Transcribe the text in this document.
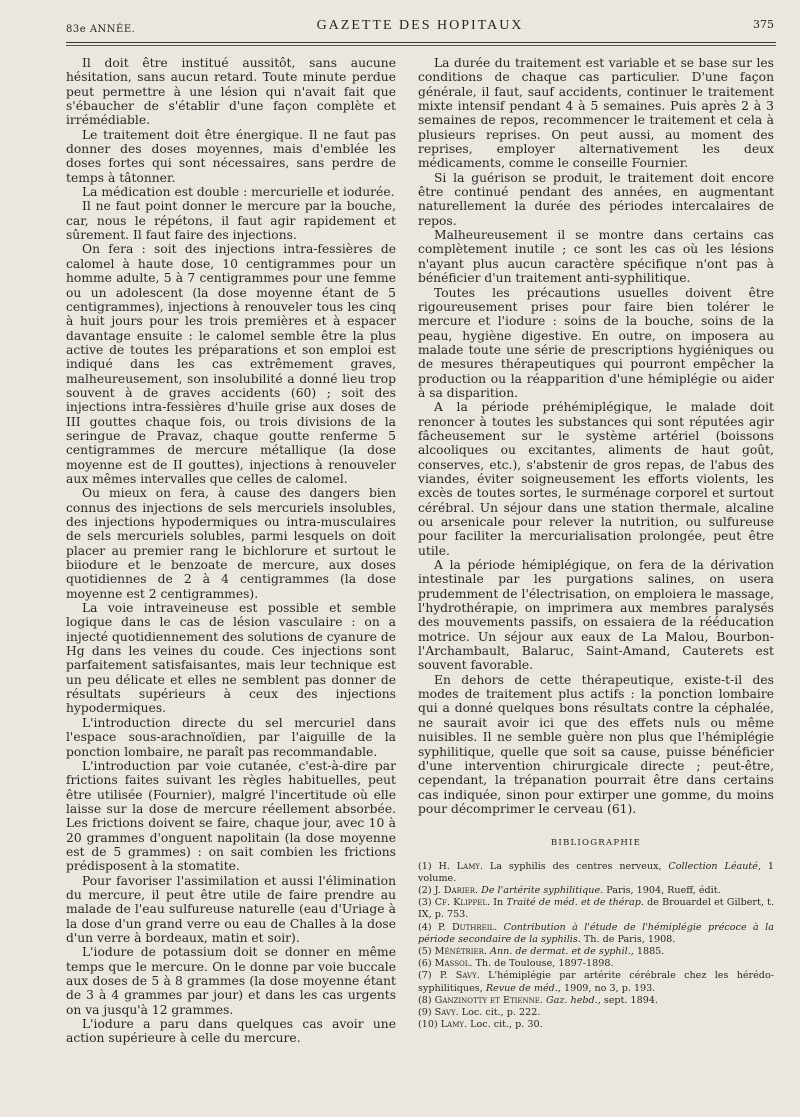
83e ANNÉE.	GAZETTE DES HOPITAUX	375

Il doit être institué aussitôt, sans aucune hésitation, sans aucun retard. Toute minute perdue peut permettre à une lésion qui n'avait fait que s'ébaucher de s'établir d'une façon complète et irrémédiable.

Le traitement doit être énergique. Il ne faut pas donner des doses moyennes, mais d'emblée les doses fortes qui sont nécessaires, sans perdre de temps à tâtonner.

La médication est double : mercurielle et iodurée.

Il ne faut point donner le mercure par la bouche, car, nous le répétons, il faut agir rapidement et sûrement. Il faut faire des injections.

On fera : soit des injections intra-fessières de calomel à haute dose, 10 centigrammes pour un homme adulte, 5 à 7 centigrammes pour une femme ou un adolescent (la dose moyenne étant de 5 centigrammes), injections à renouveler tous les cinq à huit jours pour les trois premières et à espacer davantage ensuite : le calomel semble être la plus active de toutes les préparations et son emploi est indiqué dans les cas extrêmement graves, malheureusement, son insolubilité a donné lieu trop souvent à de graves accidents (60) ; soit des injections intra-fessières d'huile grise aux doses de III gouttes chaque fois, ou trois divisions de la seringue de Pravaz, chaque goutte renferme 5 centigrammes de mercure métallique (la dose moyenne est de II gouttes), injections à renouveler aux mêmes intervalles que celles de calomel.

Ou mieux on fera, à cause des dangers bien connus des injections de sels mercuriels insolubles, des injections hypodermiques ou intra-musculaires de sels mercuriels solubles, parmi lesquels on doit placer au premier rang le bichlorure et surtout le biiodure et le benzoate de mercure, aux doses quotidiennes de 2 à 4 centigrammes (la dose moyenne est 2 centigrammes).

La voie intraveineuse est possible et semble logique dans le cas de lésion vasculaire : on a injecté quotidiennement des solutions de cyanure de Hg dans les veines du coude. Ces injections sont parfaitement satisfaisantes, mais leur technique est un peu délicate et elles ne semblent pas donner de résultats supérieurs à ceux des injections hypodermiques.

L'introduction directe du sel mercuriel dans l'espace sous-arachnoïdien, par l'aiguille de la ponction lombaire, ne paraît pas recommandable.

L'introduction par voie cutanée, c'est-à-dire par frictions faites suivant les règles habituelles, peut être utilisée (Fournier), malgré l'incertitude où elle laisse sur la dose de mercure réellement absorbée. Les frictions doivent se faire, chaque jour, avec 10 à 20 grammes d'onguent napolitain (la dose moyenne est de 5 grammes) : on sait combien les frictions prédisposent à la stomatite.

Pour favoriser l'assimilation et aussi l'élimination du mercure, il peut être utile de faire prendre au malade de l'eau sulfureuse naturelle (eau d'Uriage à la dose d'un grand verre ou eau de Challes à la dose d'un verre à bordeaux, matin et soir).

L'iodure de potassium doit se donner en même temps que le mercure. On le donne par voie buccale aux doses de 5 à 8 grammes (la dose moyenne étant de 3 à 4 grammes par jour) et dans les cas urgents on va jusqu'à 12 grammes.

L'iodure a paru dans quelques cas avoir une action supérieure à celle du mercure.

La durée du traitement est variable et se base sur les conditions de chaque cas particulier. D'une façon générale, il faut, sauf accidents, continuer le traitement mixte intensif pendant 4 à 5 semaines. Puis après 2 à 3 semaines de repos, recommencer le traitement et cela à plusieurs reprises. On peut aussi, au moment des reprises, employer alternativement les deux médicaments, comme le conseille Fournier.

Si la guérison se produit, le traitement doit encore être continué pendant des années, en augmentant naturellement la durée des périodes intercalaires de repos.

Malheureusement il se montre dans certains cas complètement inutile ; ce sont les cas où les lésions n'ayant plus aucun caractère spécifique n'ont pas à bénéficier d'un traitement anti-syphilitique.

Toutes les précautions usuelles doivent être rigoureusement prises pour faire bien tolérer le mercure et l'iodure : soins de la bouche, soins de la peau, hygiène digestive. En outre, on imposera au malade toute une série de prescriptions hygiéniques ou de mesures thérapeutiques qui pourront empêcher la production ou la réapparition d'une hémiplégie ou aider à sa disparition.

A la période préhémiplégique, le malade doit renoncer à toutes les substances qui sont réputées agir fâcheusement sur le système artériel (boissons alcooliques ou excitantes, aliments de haut goût, conserves, etc.), s'abstenir de gros repas, de l'abus des viandes, éviter soigneusement les efforts violents, les excès de toutes sortes, le surménage corporel et surtout cérébral. Un séjour dans une station thermale, alcaline ou arsenicale pour relever la nutrition, ou sulfureuse pour faciliter la mercurialisation prolongée, peut être utile.

A la période hémiplégique, on fera de la dérivation intestinale par les purgations salines, on usera prudemment de l'électrisation, on emploiera le massage, l'hydrothérapie, on imprimera aux membres paralysés des mouvements passifs, on essaiera de la rééducation motrice. Un séjour aux eaux de La Malou, Bourbon-l'Archambault, Balaruc, Saint-Amand, Cauterets est souvent favorable.

En dehors de cette thérapeutique, existe-t-il des modes de traitement plus actifs : la ponction lombaire qui a donné quelques bons résultats contre la céphalée, ne saurait avoir ici que des effets nuls ou même nuisibles. Il ne semble guère non plus que l'hémiplégie syphilitique, quelle que soit sa cause, puisse bénéficier d'une intervention chirurgicale directe ; peut-être, cependant, la trépanation pourrait être dans certains cas indiquée, sinon pour extirper une gomme, du moins pour décomprimer le cerveau (61).

BIBLIOGRAPHIE

(1) H. Lamy. La syphilis des centres nerveux, Collection Léauté, 1 volume.

(2) J. Darier. De l'artérite syphilitique. Paris, 1904, Rueff, édit.

(3) Cf. Klippel. In Traité de méd. et de thérap. de Brouardel et Gilbert, t. IX, p. 753.

(4) P. Duthreil. Contribution à l'étude de l'hémiplégie précoce à la période secondaire de la syphilis. Th. de Paris, 1908.

(5) Ménétrier. Ann. de dermat. et de syphil., 1885.

(6) Massol. Th. de Toulouse, 1897-1898.

(7) P. Savy. L'hémiplégie par artérite cérébrale chez les hérédo-syphilitiques, Revue de méd., 1909, no 3, p. 193.

(8) Ganzinotty et Etienne. Gaz. hebd., sept. 1894.

(9) Savy. Loc. cit., p. 222.

(10) Lamy. Loc. cit., p. 30.
